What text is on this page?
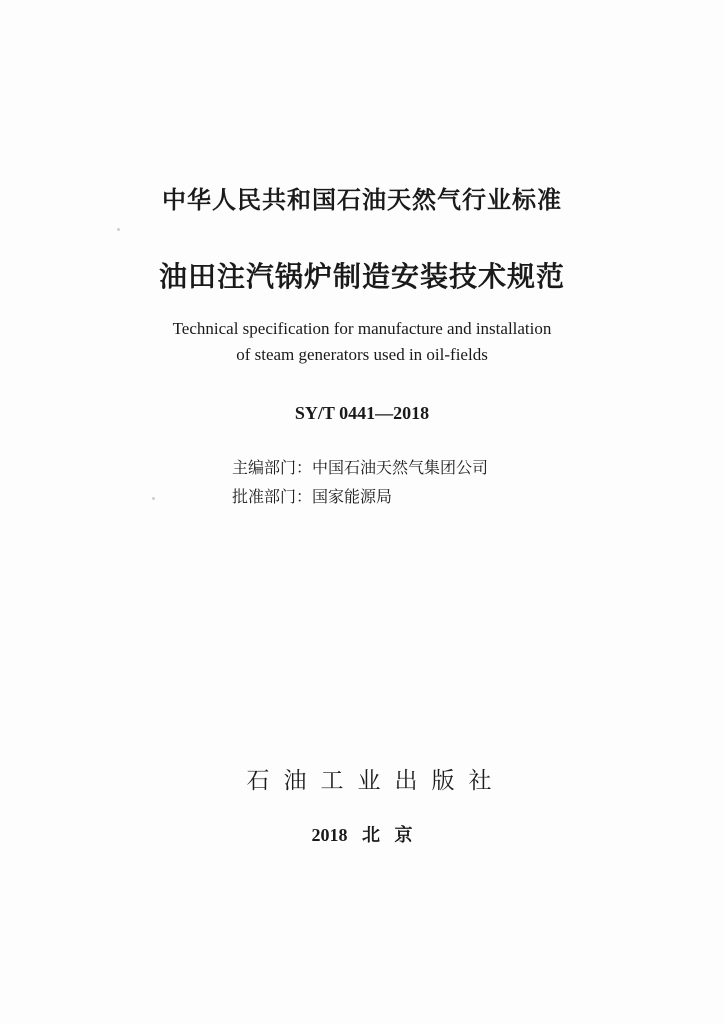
中华人民共和国石油天然气行业标准
油田注汽锅炉制造安装技术规范
Technical specification for manufacture and installation
of steam generators used in oil-fields
SY/T 0441—2018
主编部门：中国石油天然气集团公司
批准部门：国家能源局
石油工业出版社
2018 北 京
